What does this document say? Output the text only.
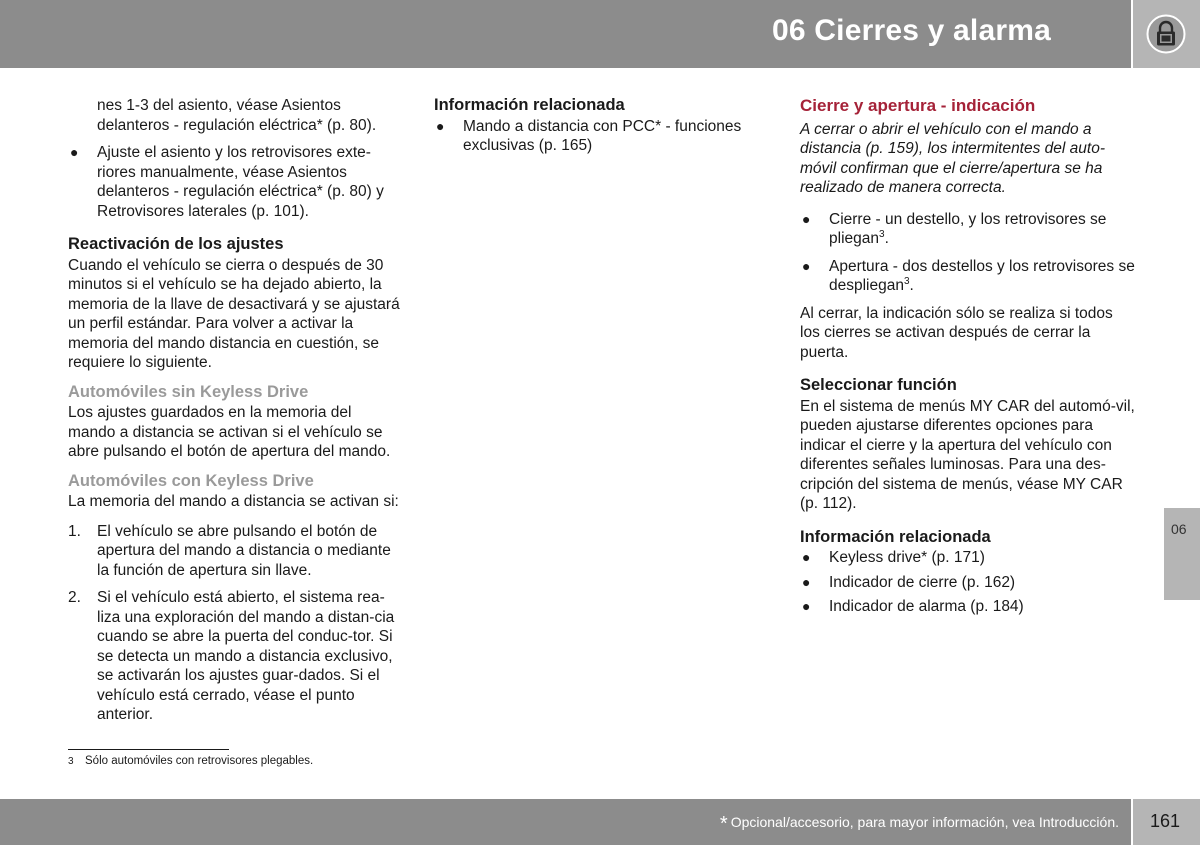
06 Cierres y alarma
nes 1-3 del asiento, véase Asientos delanteros - regulación eléctrica* (p. 80).
● Ajuste el asiento y los retrovisores exte-riores manualmente, véase Asientos delanteros - regulación eléctrica* (p. 80) y Retrovisores laterales (p. 101).
Reactivación de los ajustes
Cuando el vehículo se cierra o después de 30 minutos si el vehículo se ha dejado abierto, la memoria de la llave de desactivará y se ajustará un perfil estándar. Para volver a activar la memoria del mando distancia en cuestión, se requiere lo siguiente.
Automóviles sin Keyless Drive
Los ajustes guardados en la memoria del mando a distancia se activan si el vehículo se abre pulsando el botón de apertura del mando.
Automóviles con Keyless Drive
La memoria del mando a distancia se activan si:
1. El vehículo se abre pulsando el botón de apertura del mando a distancia o mediante la función de apertura sin llave.
2. Si el vehículo está abierto, el sistema rea-liza una exploración del mando a distan-cia cuando se abre la puerta del conduc-tor. Si se detecta un mando a distancia exclusivo, se activarán los ajustes guar-dados. Si el vehículo está cerrado, véase el punto anterior.
Información relacionada
● Mando a distancia con PCC* - funciones exclusivas (p. 165)
Cierre y apertura - indicación
A cerrar o abrir el vehículo con el mando a distancia (p. 159), los intermitentes del auto-móvil confirman que el cierre/apertura se ha realizado de manera correcta.
● Cierre - un destello, y los retrovisores se pliegan$^3$.
● Apertura - dos destellos y los retrovisores se despliegan$^3$.
Al cerrar, la indicación sólo se realiza si todos los cierres se activan después de cerrar la puerta.
Seleccionar función
En el sistema de menús MY CAR del automó-vil, pueden ajustarse diferentes opciones para indicar el cierre y la apertura del vehículo con diferentes señales luminosas. Para una des-cripción del sistema de menús, véase MY CAR (p. 112).
Información relacionada
● Keyless drive* (p. 171)
● Indicador de cierre (p. 162)
● Indicador de alarma (p. 184)
3 Sólo automóviles con retrovisores plegables.
06
* Opcional/accesorio, para mayor información, vea Introducción. 161
